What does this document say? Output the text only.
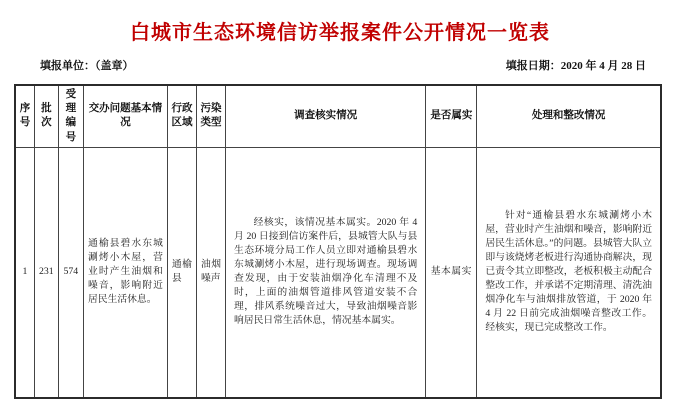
白城市生态环境信访举报案件公开情况一览表
填报单位：（盖章）	填报日期：2020 年 4 月 28 日
序号	批次	受理编号	交办问题基本情况	行政区域	污染类型	调查核实情况	是否属实	处理和整改情况
1	231	574	通榆县碧水东城涮烤小木屋，营业时产生油烟和噪音，影响附近居民生活休息。	通榆县	油烟噪声	经核实，该情况基本属实。2020 年 4 月 20 日接到信访案件后，县城管大队与县生态环境分局工作人员立即对通榆县碧水东城涮烤小木屋，进行现场调查。现场调查发现，由于安装油烟净化车清理不及时，上面的油烟管道排风管道安装不合理，排风系统噪音过大，导致油烟噪音影响居民日常生活休息，情况基本属实。	基本属实	针对“通榆县碧水东城涮烤小木屋，营业时产生油烟和噪音，影响附近居民生活休息。”的问题。县城管大队立即与该烧烤老板进行沟通协商解决，现已责令其立即整改，老板积极主动配合整改工作，并承诺不定期清理、清洗油烟净化车与油烟排放管道，于 2020 年 4 月 22 日前完成油烟噪音整改工作。经核实，现已完成整改工作。
